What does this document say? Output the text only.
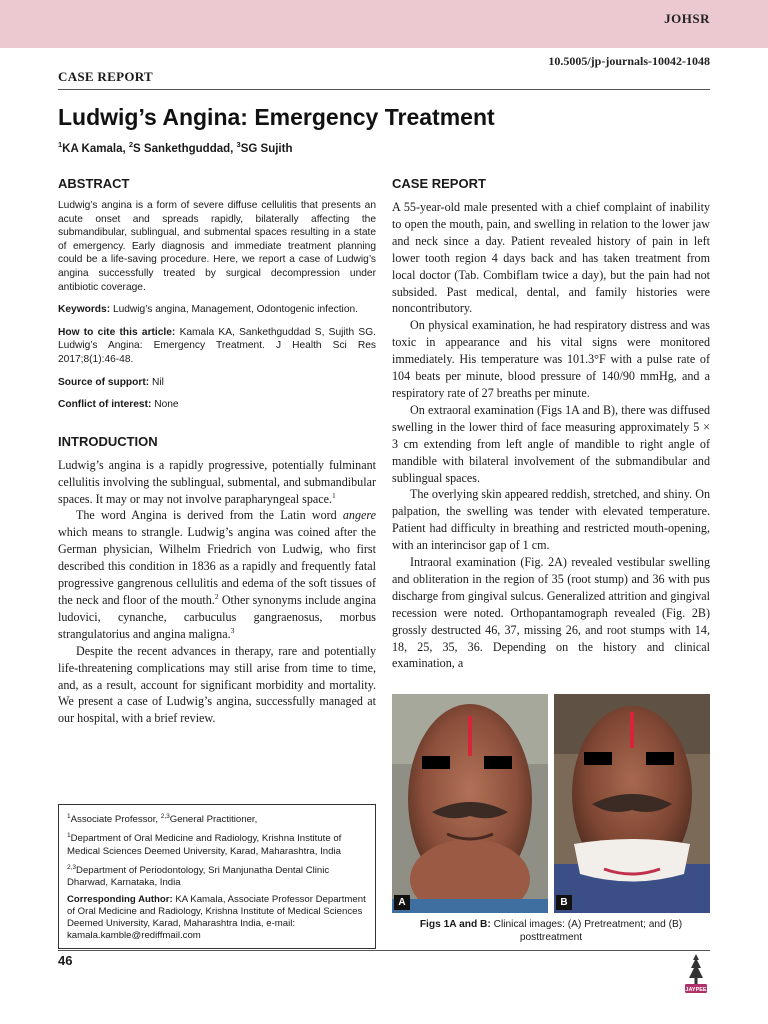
JOHSR
10.5005/jp-journals-10042-1048
CASE REPORT
Ludwig’s Angina: Emergency Treatment
$^1$KA Kamala, $^2$S Sankethguddad, $^3$SG Sujith
ABSTRACT

Ludwig’s angina is a form of severe diffuse cellulitis that presents an acute onset and spreads rapidly, bilaterally affecting the submandibular, sublingual, and submental spaces resulting in a state of emergency. Early diagnosis and immediate treatment planning could be a life-saving procedure. Here, we report a case of Ludwig’s angina successfully treated by surgical decompression under antibiotic coverage.

Keywords: Ludwig’s angina, Management, Odontogenic infection.

How to cite this article: Kamala KA, Sankethguddad S, Sujith SG. Ludwig’s Angina: Emergency Treatment. J Health Sci Res 2017;8(1):46-48.

Source of support: Nil

Conflict of interest: None

INTRODUCTION

Ludwig’s angina is a rapidly progressive, potentially fulminant cellulitis involving the sublingual, submental, and submandibular spaces. It may or may not involve parapharyngeal space.$^1$

The word Angina is derived from the Latin word angere which means to strangle. Ludwig’s angina was coined after the German physician, Wilhelm Friedrich von Ludwig, who first described this condition in 1836 as a rapidly and frequently fatal progressive gangrenous cellulitis and edema of the soft tissues of the neck and floor of the mouth.$^2$ Other synonyms include angina ludovici, cynanche, carbuculus gangraenosus, morbus strangulatorius and angina maligna.$^3$

Despite the recent advances in therapy, rare and potentially life-threatening complications may still arise from time to time, and, as a result, account for significant morbidity and mortality. We present a case of Ludwig’s angina, successfully managed at our hospital, with a brief review.

$^1$Associate Professor, $^{2,3}$General Practitioner,

$^1$Department of Oral Medicine and Radiology, Krishna Institute of Medical Sciences Deemed University, Karad, Maharashtra, India

$^{2,3}$Department of Periodontology, Sri Manjunatha Dental Clinic Dharwad, Karnataka, India

Corresponding Author: KA Kamala, Associate Professor Department of Oral Medicine and Radiology, Krishna Institute of Medical Sciences Deemed University, Karad, Maharashtra India, e-mail: kamala.kamble@rediffmail.com

CASE REPORT

A 55-year-old male presented with a chief complaint of inability to open the mouth, pain, and swelling in relation to the lower jaw and neck since a day. Patient revealed history of pain in left lower tooth region 4 days back and has taken treatment from local doctor (Tab. Combiflam twice a day), but the pain had not subsided. Past medical, dental, and family histories were noncontributory.

On physical examination, he had respiratory distress and was toxic in appearance and his vital signs were monitored immediately. His temperature was 101.3°F with a pulse rate of 104 beats per minute, blood pressure of 140/90 mmHg, and a respiratory rate of 27 breaths per minute.

On extraoral examination (Figs 1A and B), there was diffused swelling in the lower third of face measuring approximately 5 × 3 cm extending from left angle of mandible to right angle of mandible with bilateral involvement of the submandibular and sublingual spaces.

The overlying skin appeared reddish, stretched, and shiny. On palpation, the swelling was tender with elevated temperature. Patient had difficulty in breathing and restricted mouth-opening, with an interincisor gap of 1 cm.

Intraoral examination (Fig. 2A) revealed vestibular swelling and obliteration in the region of 35 (root stump) and 36 with pus discharge from gingival sulcus. Generalized attrition and gingival recession were noted. Orthopantamograph revealed (Fig. 2B) grossly destructed 46, 37, missing 26, and root stumps with 14, 18, 25, 35, 36. Depending on the history and clinical examination, a

A	B
Figs 1A and B: Clinical images: (A) Pretreatment; and (B) posttreatment
46
JAYPEE
